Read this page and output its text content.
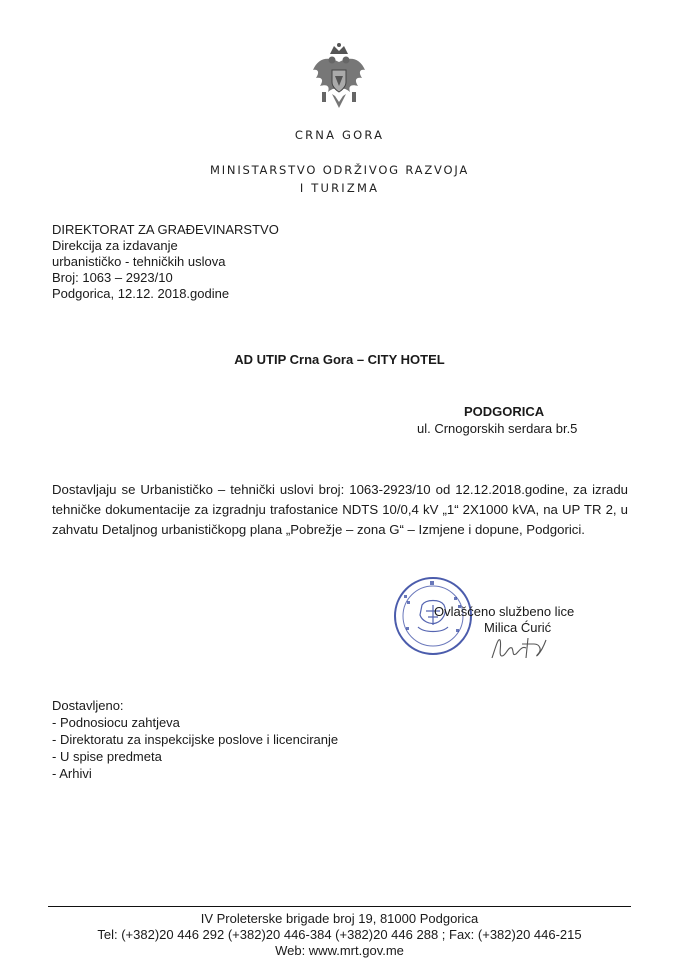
CRNA GORA
MINISTARSTVO ODRŽIVOG RAZVOJA
I TURIZMA
DIREKTORAT ZA GRAĐEVINARSTVO
Direkcija za izdavanje
urbanističko - tehničkih uslova
Broj: 1063 – 2923/10
Podgorica, 12.12. 2018.godine
AD UTIP Crna Gora – CITY HOTEL
PODGORICA
ul. Crnogorskih serdara br.5
Dostavljaju se Urbanističko – tehnički uslovi broj: 1063-2923/10 od 12.12.2018.godine, za izradu tehničke dokumentacije za izgradnju trafostanice NDTS 10/0,4 kV „1“ 2X1000 kVA, na UP TR 2, u zahvatu Detaljnog urbanističkopg plana „Pobrežje – zona G“ – Izmjene i dopune, Podgorici.
Ovlašćeno službeno lice
Milica Ćurić
Dostavljeno:
- Podnosiocu zahtjeva
- Direktoratu za inspekcijske poslove i licenciranje
- U spise predmeta
- Arhivi
IV Proleterske brigade broj 19, 81000 Podgorica
Tel: (+382)20 446 292 (+382)20 446-384 (+382)20 446 288 ; Fax: (+382)20 446-215
Web: www.mrt.gov.me
